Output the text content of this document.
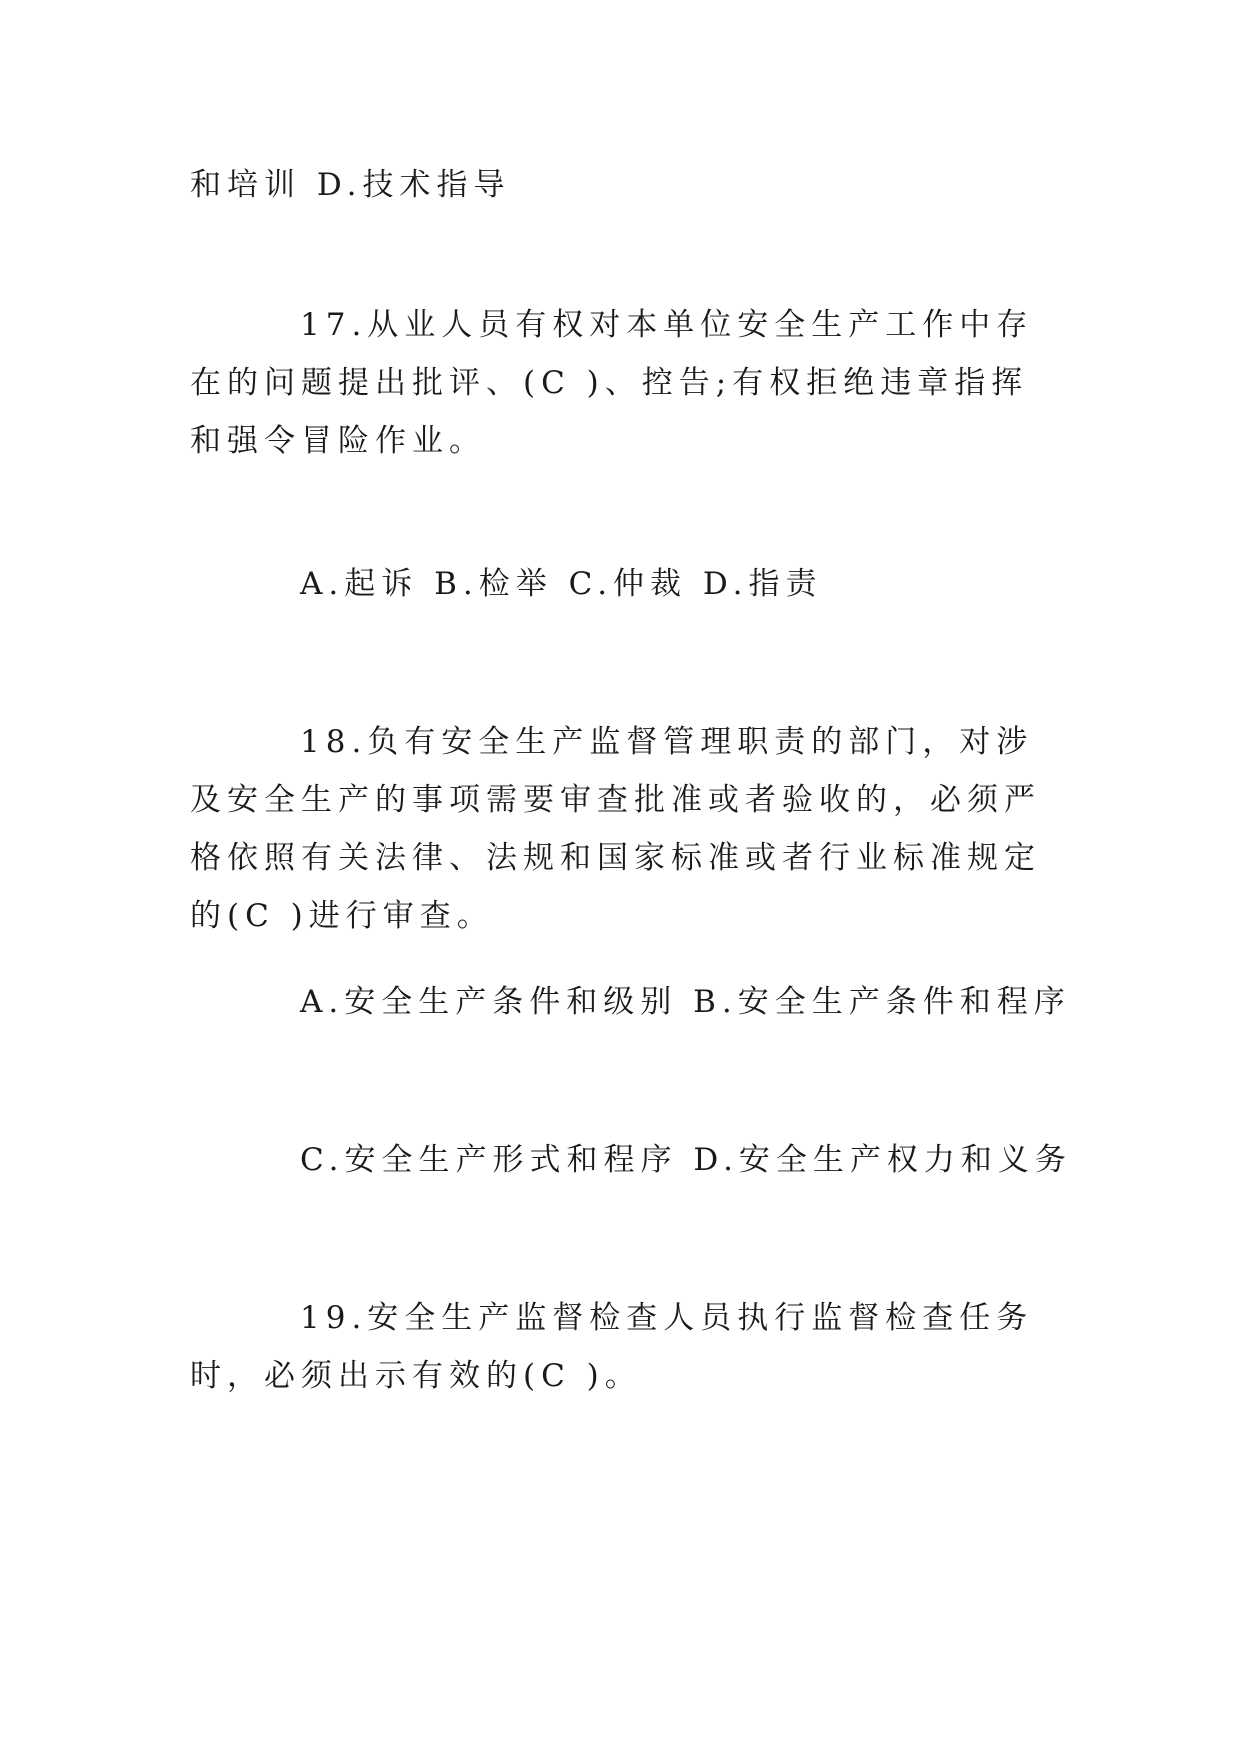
和培训 D.技术指导

17.从业人员有权对本单位安全生产工作中存在的问题提出批评、(C )、控告;有权拒绝违章指挥和强令冒险作业。

A.起诉 B.检举 C.仲裁 D.指责

18.负有安全生产监督管理职责的部门，对涉及安全生产的事项需要审查批准或者验收的，必须严格依照有关法律、法规和国家标准或者行业标准规定的(C )进行审查。

A.安全生产条件和级别 B.安全生产条件和程序

C.安全生产形式和程序 D.安全生产权力和义务

19.安全生产监督检查人员执行监督检查任务时，必须出示有效的(C )。
